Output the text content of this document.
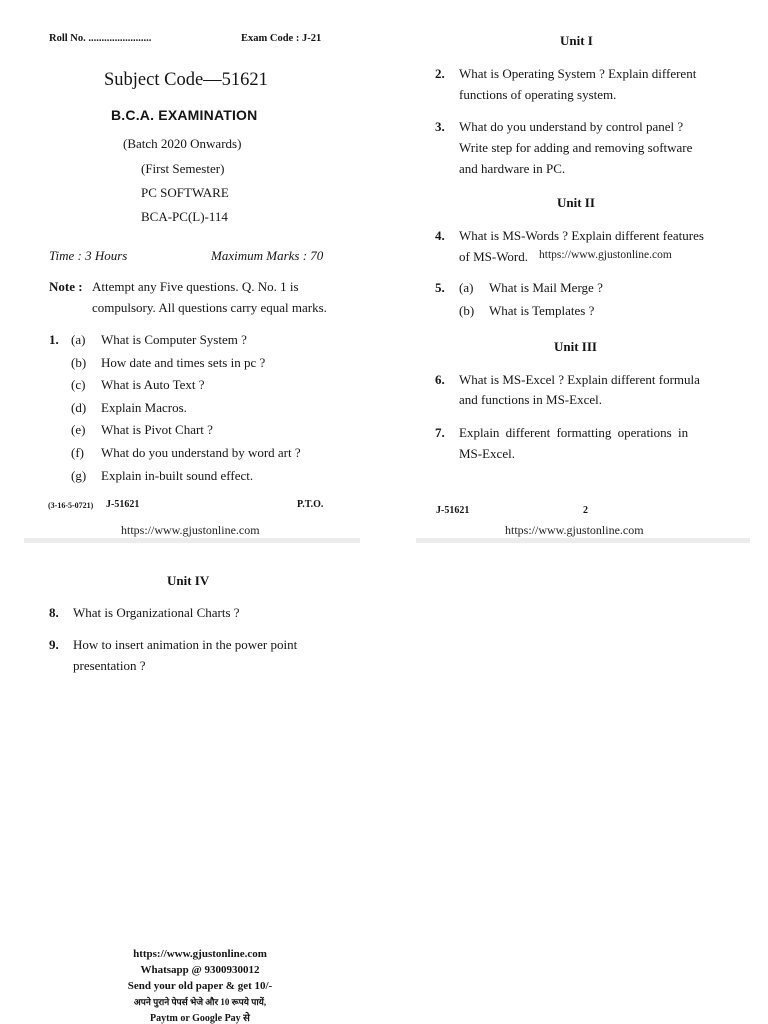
Roll No. ........................	Exam Code : J-21
Subject Code—51621
B.C.A. EXAMINATION
(Batch 2020 Onwards)
(First Semester)
PC SOFTWARE
BCA-PC(L)-114
Time : 3 Hours	Maximum Marks : 70
Note : Attempt any Five questions. Q. No. 1 is
compulsory. All questions carry equal marks.
1. (a) What is Computer System ?
(b) How date and times sets in pc ?
(c) What is Auto Text ?
(d) Explain Macros.
(e) What is Pivot Chart ?
(f) What do you understand by word art ?
(g) Explain in-built sound effect.
(3-16-5-0721) J-51621	P.T.O.
https://www.gjustonline.com
Unit I
2. What is Operating System ? Explain different
functions of operating system.
3. What do you understand by control panel ?
Write step for adding and removing software
and hardware in PC.
Unit II
4. What is MS-Words ? Explain different features
of MS-Word. https://www.gjustonline.com
5. (a) What is Mail Merge ?
(b) What is Templates ?
Unit III
6. What is MS-Excel ? Explain different formula
and functions in MS-Excel.
7. Explain different formatting operations in
MS-Excel.
J-51621	2
https://www.gjustonline.com
Unit IV
8. What is Organizational Charts ?
9. How to insert animation in the power point
presentation ?
https://www.gjustonline.com
Whatsapp @ 9300930012
Send your old paper & get 10/-
अपने पुराने पेपर्स भेजे और 10 रूपये पायें,
Paytm or Google Pay से
